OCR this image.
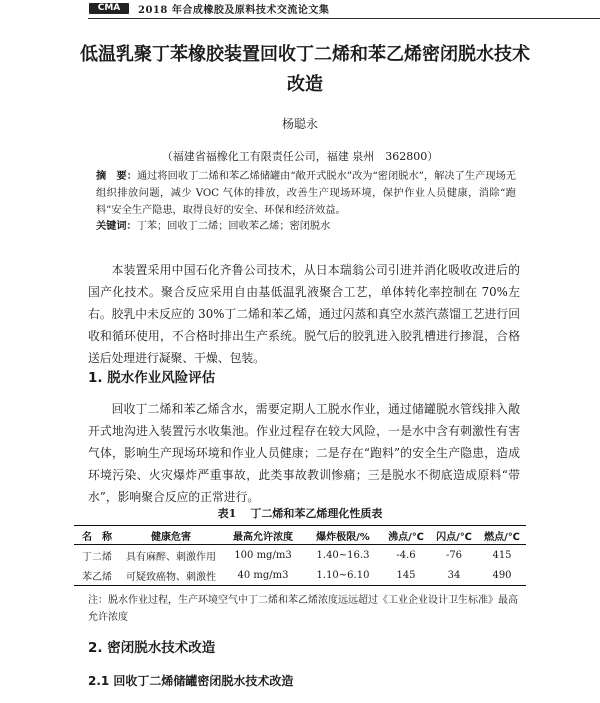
CMA	2018 年合成橡胶及原料技术交流论文集
低温乳聚丁苯橡胶装置回收丁二烯和苯乙烯密闭脱水技术改造
杨聪永
（福建省福橡化工有限责任公司，福建 泉州　362800）
摘　要：通过将回收丁二烯和苯乙烯储罐由“敞开式脱水”改为“密闭脱水”，解决了生产现场无组织排放问题，减少 VOC 气体的排放，改善生产现场环境，保护作业人员健康，消除“跑料”安全生产隐患，取得良好的安全、环保和经济效益。
关键词：丁苯；回收丁二烯；回收苯乙烯；密闭脱水
本装置采用中国石化齐鲁公司技术，从日本瑞翁公司引进并消化吸收改进后的国产化技术。聚合反应采用自由基低温乳液聚合工艺，单体转化率控制在 70%左右。胶乳中未反应的 30%丁二烯和苯乙烯，通过闪蒸和真空水蒸汽蒸馏工艺进行回收和循环使用，不合格时排出生产系统。脱气后的胶乳进入胶乳槽进行掺混，合格送后处理进行凝聚、干燥、包装。
1. 脱水作业风险评估
回收丁二烯和苯乙烯含水，需要定期人工脱水作业，通过储罐脱水管线排入敞开式地沟进入装置污水收集池。作业过程存在较大风险，一是水中含有刺激性有害气体，影响生产现场环境和作业人员健康；二是存在“跑料”的安全生产隐患，造成环境污染、火灾爆炸严重事故，此类事故教训惨痛；三是脱水不彻底造成原料“带水”，影响聚合反应的正常进行。
表1 丁二烯和苯乙烯理化性质表
名　称	健康危害	最高允许浓度	爆炸极限/%	沸点/℃	闪点/℃	燃点/℃
丁二烯	具有麻醉、刺激作用	100 mg/m3	1.40~16.3	-4.6	-76	415
苯乙烯	可疑致癌物、刺激性	40 mg/m3	1.10~6.10	145	34	490
注：脱水作业过程，生产环境空气中丁二烯和苯乙烯浓度远远超过《工业企业设计卫生标准》最高允许浓度
2. 密闭脱水技术改造
2.1 回收丁二烯储罐密闭脱水技术改造
